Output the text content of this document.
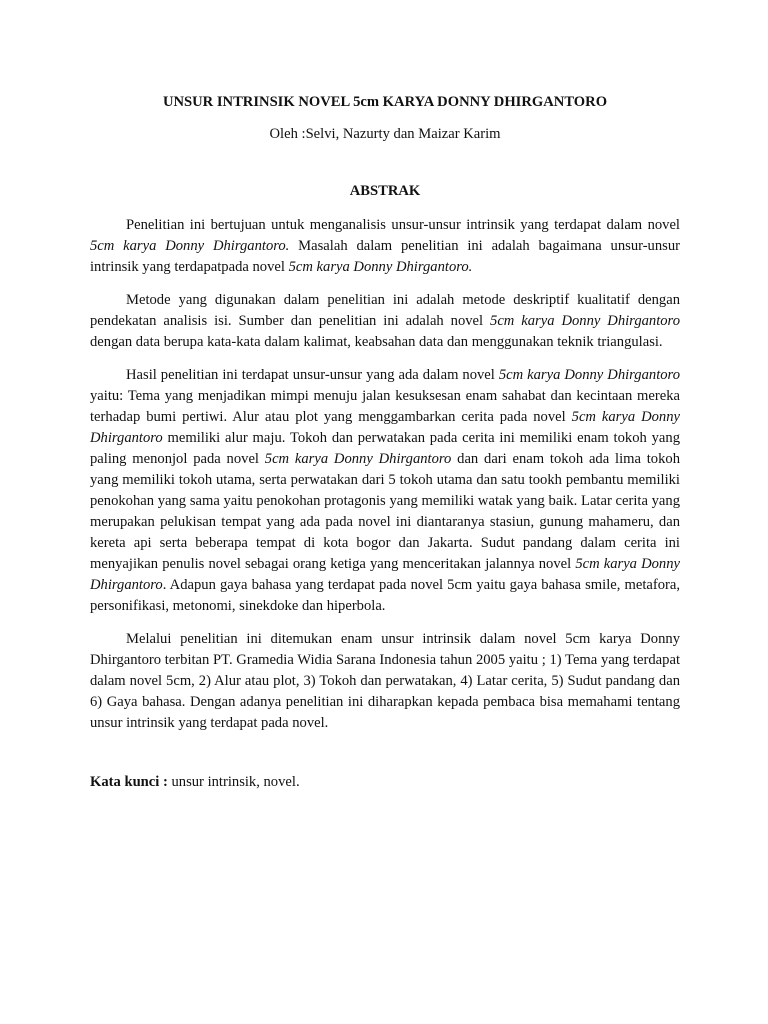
UNSUR INTRINSIK NOVEL 5cm KARYA DONNY DHIRGANTORO

Oleh :Selvi, Nazurty dan Maizar Karim

ABSTRAK

Penelitian ini bertujuan untuk menganalisis unsur-unsur intrinsik yang terdapat dalam novel 5cm karya Donny Dhirgantoro. Masalah dalam penelitian ini adalah bagaimana unsur-unsur intrinsik yang terdapatpada novel 5cm karya Donny Dhirgantoro.

Metode yang digunakan dalam penelitian ini adalah metode deskriptif kualitatif dengan pendekatan analisis isi. Sumber dan penelitian ini adalah novel 5cm karya Donny Dhirgantoro dengan data berupa kata-kata dalam kalimat, keabsahan data dan menggunakan teknik triangulasi.

Hasil penelitian ini terdapat unsur-unsur yang ada dalam novel 5cm karya Donny Dhirgantoro yaitu: Tema yang menjadikan mimpi menuju jalan kesuksesan enam sahabat dan kecintaan mereka terhadap bumi pertiwi. Alur atau plot yang menggambarkan cerita pada novel 5cm karya Donny Dhirgantoro memiliki alur maju. Tokoh dan perwatakan pada cerita ini memiliki enam tokoh yang paling menonjol pada novel 5cm karya Donny Dhirgantoro dan dari enam tokoh ada lima tokoh yang memiliki tokoh utama, serta perwatakan dari 5 tokoh utama dan satu tookh pembantu memiliki penokohan yang sama yaitu penokohan protagonis yang memiliki watak yang baik. Latar cerita yang merupakan pelukisan tempat yang ada pada novel ini diantaranya stasiun, gunung mahameru, dan kereta api serta beberapa tempat di kota bogor dan Jakarta. Sudut pandang dalam cerita ini menyajikan penulis novel sebagai orang ketiga yang menceritakan jalannya novel 5cm karya Donny Dhirgantoro. Adapun gaya bahasa yang terdapat pada novel 5cm yaitu gaya bahasa smile, metafora, personifikasi, metonomi, sinekdoke dan hiperbola.

Melalui penelitian ini ditemukan enam unsur intrinsik dalam novel 5cm karya Donny Dhirgantoro terbitan PT. Gramedia Widia Sarana Indonesia tahun 2005 yaitu ; 1) Tema yang terdapat dalam novel 5cm, 2) Alur atau plot, 3) Tokoh dan perwatakan, 4) Latar cerita, 5) Sudut pandang dan 6) Gaya bahasa. Dengan adanya penelitian ini diharapkan kepada pembaca bisa memahami tentang unsur intrinsik yang terdapat pada novel.

Kata kunci : unsur intrinsik, novel.
